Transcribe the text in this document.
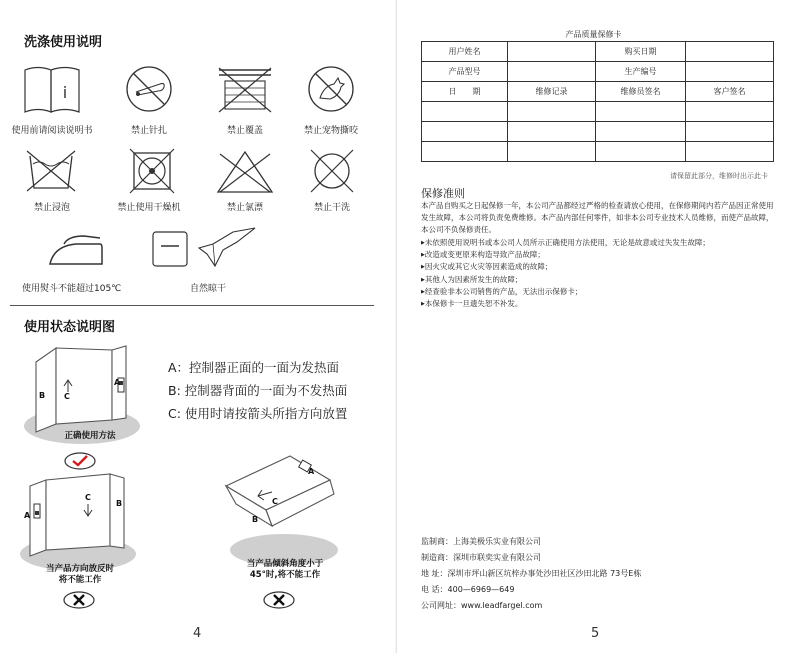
洗涤使用说明
i
使用前请阅读说明书	禁止针扎	禁止覆盖	禁止宠物撕咬
禁止浸泡	禁止使用干燥机	禁止氯漂	禁止干洗
使用熨斗不能超过105℃	自然晾干
使用状态说明图
B C
A
正确使用方法
A：控制器正面的一面为发热面
B: 控制器背面的一面为不发热面
C: 使用时请按箭头所指方向放置
A
C
B
当产品方向放反时
将不能工作
A
C
B
当产品倾斜角度小于
45°时,将不能工作
4
产品质量保修卡
用户姓名		购买日期	
产品型号		生产编号	
日　　期	维修记录	维修员签名	客户签名

请保留此部分，维修时出示此卡
保修准则
本产品自购买之日起保修一年，本公司产品都经过严格的检查请放心使用，在保修期间内若产品因正常使用发生故障，本公司将负责免费维修。本产品内部任何零件，如非本公司专业技术人员维修，而使产品故障，本公司不负保修责任。
▶ 未依照使用说明书或本公司人员所示正确使用方法使用，无论是故意或过失发生故障；
▶ 改造或变更原来构造导致产品故障；
▶ 因火灾或其它火灾等因素造成的故障；
▶ 其他人为因素所发生的故障；
▶ 经查验非本公司销售的产品，无法出示保修卡；
▶ 本保修卡一旦遗失恕不补发。
监制商：上海美极乐实业有限公司
制造商：深圳市联奕实业有限公司
地 址：深圳市坪山新区坑梓办事处沙田社区沙田北路 73号E栋
电 话：400—6969—649
公司网址：www.leadfargel.com
5
